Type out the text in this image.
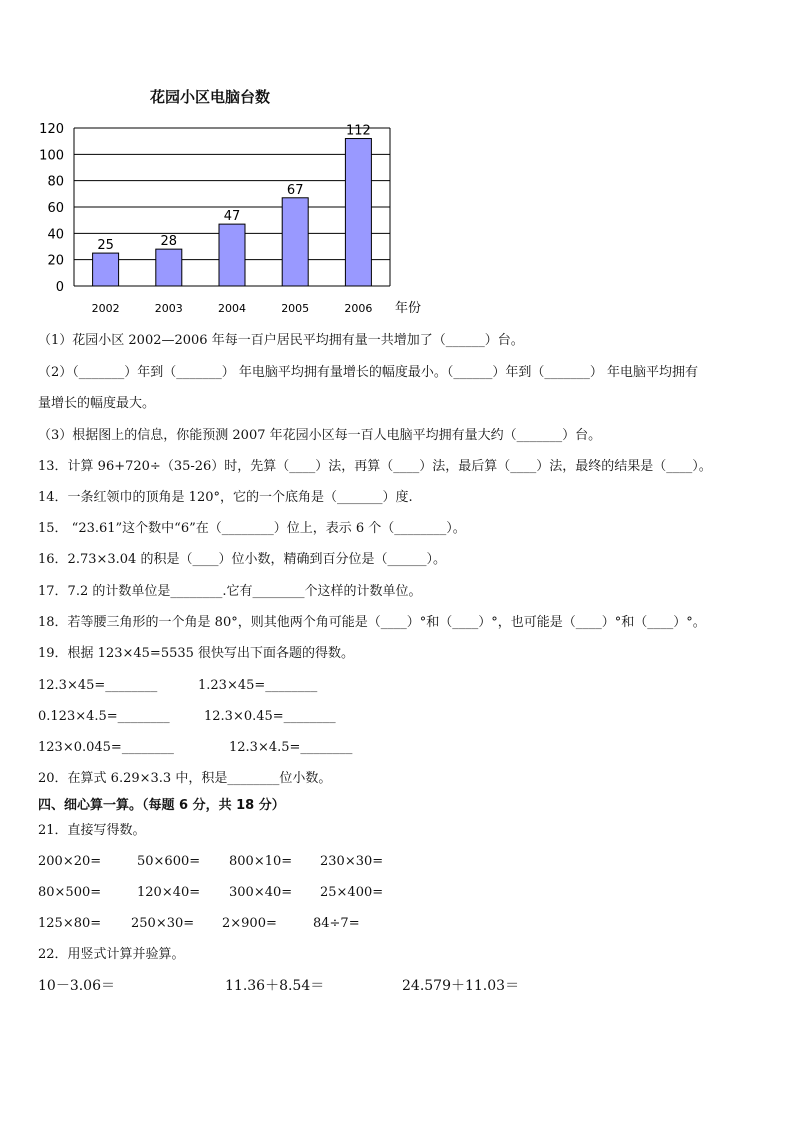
花园小区电脑台数
25	28
47
67
112
0
20
40
60
80
100
120
2002	2003	2004	2005	2006 年份
（1）花园小区 2002—2006 年每一百户居民平均拥有量一共增加了（______）台。
（2）（_______）年到（_______） 年电脑平均拥有量增长的幅度最小。（______）年到（_______） 年电脑平均拥有
量增长的幅度最大。
（3）根据图上的信息，你能预测 2007 年花园小区每一百人电脑平均拥有量大约（_______）台。
13．计算 96+720÷（35-26）时，先算（____）法，再算（____）法，最后算（____）法，最终的结果是（____）。
14．一条红领巾的顶角是 120°，它的一个底角是（_______）度.
15． “23.61”这个数中“6”在（________）位上，表示 6 个（________）。
16．2.73×3.04 的积是（____）位小数，精确到百分位是（______）。
17．7.2 的计数单位是________.它有________个这样的计数单位。
18．若等腰三角形的一个角是 80°，则其他两个角可能是（____）°和（____）°，也可能是（____）°和（____）°。
19．根据 123×45=5535 很快写出下面各题的得数。
12.3×45=________	1.23×45=________
0.123×4.5=________	12.3×0.45=________
123×0.045=________	12.3×4.5=________
20．在算式 6.29×3.3 中，积是________位小数。
四、细心算一算。（每题 6 分，共 18 分）
21．直接写得数。
200×20=	50×600= 800×10= 230×30=
80×500=	120×40= 300×40= 25×400=
125×80= 250×30= 2×900=	84÷7=
22．用竖式计算并验算。
10－3.06＝	11.36＋8.54＝	24.579＋11.03＝
